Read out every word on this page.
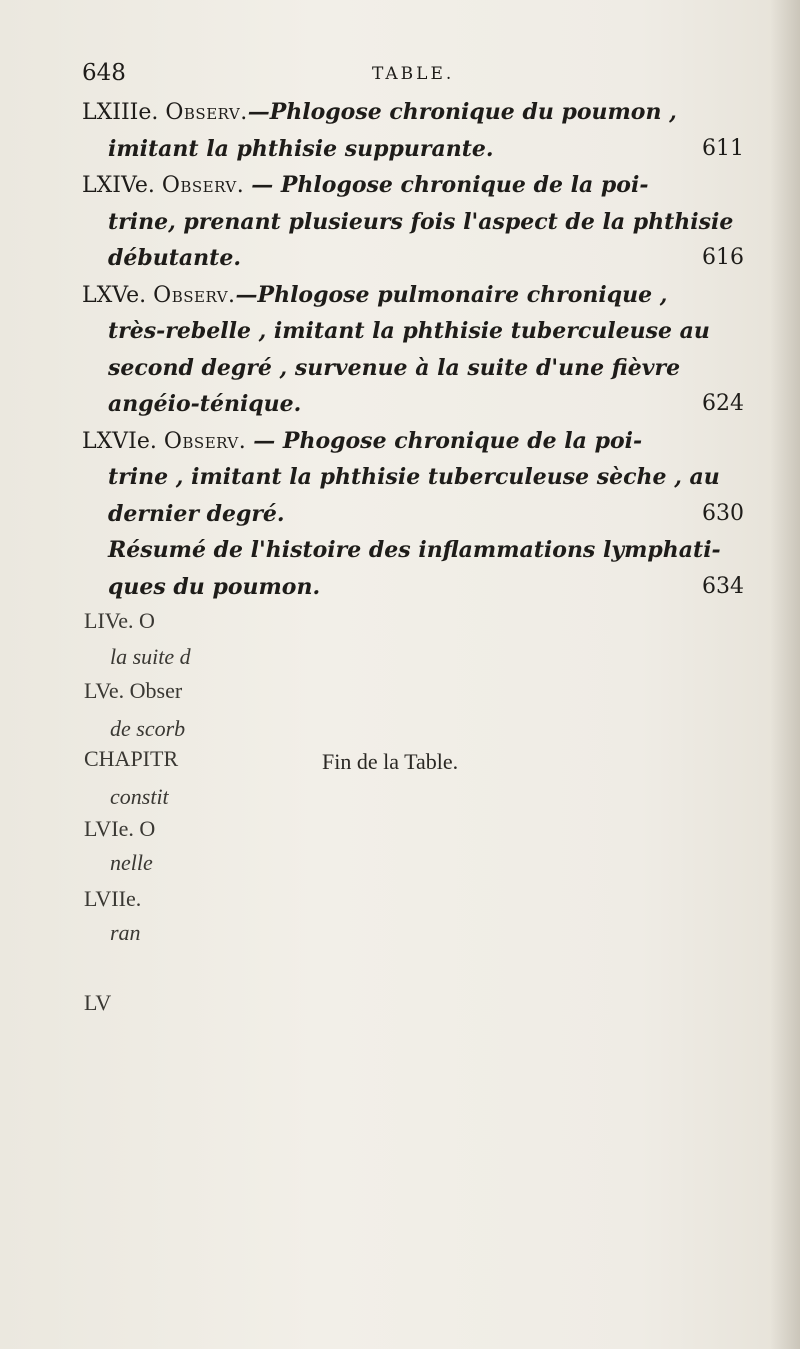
648	TABLE.
LXIIIe. Observ.—Phlogose chronique du poumon ,
imitant la phthisie suppurante.	611
LXIVe. Observ. — Phlogose chronique de la poi-
trine, prenant plusieurs fois l'aspect de la phthisie
débutante.	616
LXVe. Observ.—Phlogose pulmonaire chronique ,
très-rebelle , imitant la phthisie tuberculeuse au
second degré , survenue à la suite d'une fièvre
angéio-ténique.	624
LXVIe. Observ. — Phogose chronique de la poi-
trine , imitant la phthisie tuberculeuse sèche , au
dernier degré.	630
Résumé de l'histoire des inflammations lymphati-
ques du poumon.	634
LIVe. O
la suite d
LVe. Obser
de scorb
CHAPITR
constit
LVIe. O
nelle
LVIIe.
ran
LV
Fin de la Table.
